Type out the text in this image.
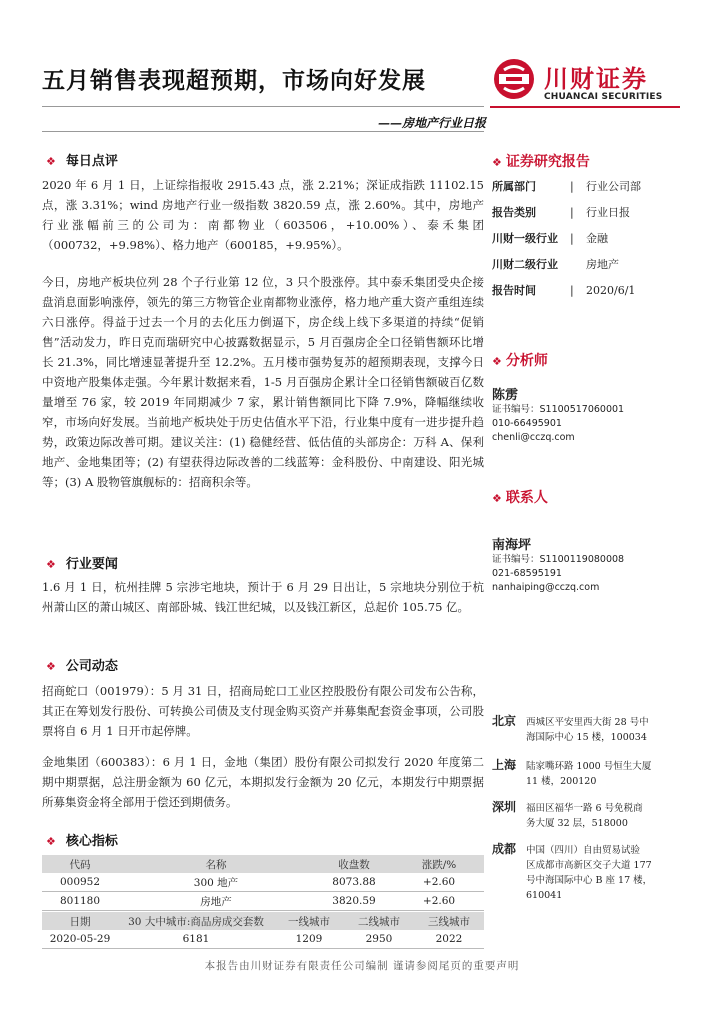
五月销售表现超预期，市场向好发展	川财证券
CHUANCAI SECURITIES
——房地产行业日报
❖ 每日点评
2020 年 6 月 1 日，上证综指报收 2915.43 点，涨 2.21%；深证成指跌 11102.15 点，涨 3.31%；wind 房地产行业一级指数 3820.59 点，涨 2.60%。其中，房地产行业涨幅前三的公司为：南都物业（603506，+10.00%）、泰禾集团（000732，+9.98%）、格力地产（600185，+9.95%）。
今日，房地产板块位列 28 个子行业第 12 位，3 只个股涨停。其中泰禾集团受央企接盘消息面影响涨停，领先的第三方物管企业南都物业涨停，格力地产重大资产重组连续六日涨停。得益于过去一个月的去化压力倒逼下，房企线上线下多渠道的持续“促销售”活动发力，昨日克而瑞研究中心披露数据显示，5 月百强房企全口径销售额环比增长 21.3%，同比增速显著提升至 12.2%。五月楼市强势复苏的超预期表现，支撑今日中资地产股集体走强。今年累计数据来看，1-5 月百强房企累计全口径销售额破百亿数量增至 76 家，较 2019 年同期减少 7 家，累计销售额同比下降 7.9%，降幅继续收窄，市场向好发展。当前地产板块处于历史估值水平下沿，行业集中度有一进步提升趋势，政策边际改善可期。建议关注：(1) 稳健经营、低估值的头部房企：万科 A、保利地产、金地集团等；(2) 有望获得边际改善的二线蓝筹：金科股份、中南建设、阳光城等；(3) A 股物管旗舰标的：招商积余等。
❖ 行业要闻
1.6 月 1 日，杭州挂牌 5 宗涉宅地块，预计于 6 月 29 日出让，5 宗地块分别位于杭州萧山区的萧山城区、南部卧城、钱江世纪城，以及钱江新区，总起价 105.75 亿。
❖ 公司动态
招商蛇口（001979）：5 月 31 日，招商局蛇口工业区控股股份有限公司发布公告称，其正在筹划发行股份、可转换公司债及支付现金购买资产并募集配套资金事项，公司股票将自 6 月 1 日开市起停牌。
金地集团（600383）：6 月 1 日，金地（集团）股份有限公司拟发行 2020 年度第二期中期票据，总注册金额为 60 亿元，本期拟发行金额为 20 亿元，本期发行中期票据所募集资金将全部用于偿还到期债务。
❖ 核心指标
代码	名称	收盘数	涨跌/%
000952	300 地产	8073.88	+2.60
801180	房地产	3820.59	+2.60
日期	30 大中城市:商品房成交套数	一线城市	二线城市	三线城市
2020-05-29	6181	1209	2950	2022
❖ 证券研究报告
所属部门	| 行业公司部
报告类别	| 行业日报
川财一级行业 | 金融
川财二级行业	房地产
报告时间	| 2020/6/1
❖ 分析师
陈雳
证书编号：S1100517060001
010-66495901
chenli@cczq.com
❖ 联系人
南海坪
证书编号：S1100119080008
021-68595191
nanhaiping@cczq.com
北京	西城区平安里西大街 28 号中
海国际中心 15 楼，100034
上海	陆家嘴环路 1000 号恒生大厦
11 楼，200120
深圳	福田区福华一路 6 号免税商
务大厦 32 层，518000
成都	中国（四川）自由贸易试验
区成都市高新区交子大道 177
号中海国际中心 B 座 17 楼，
610041
本报告由川财证券有限责任公司编制 谨请参阅尾页的重要声明
